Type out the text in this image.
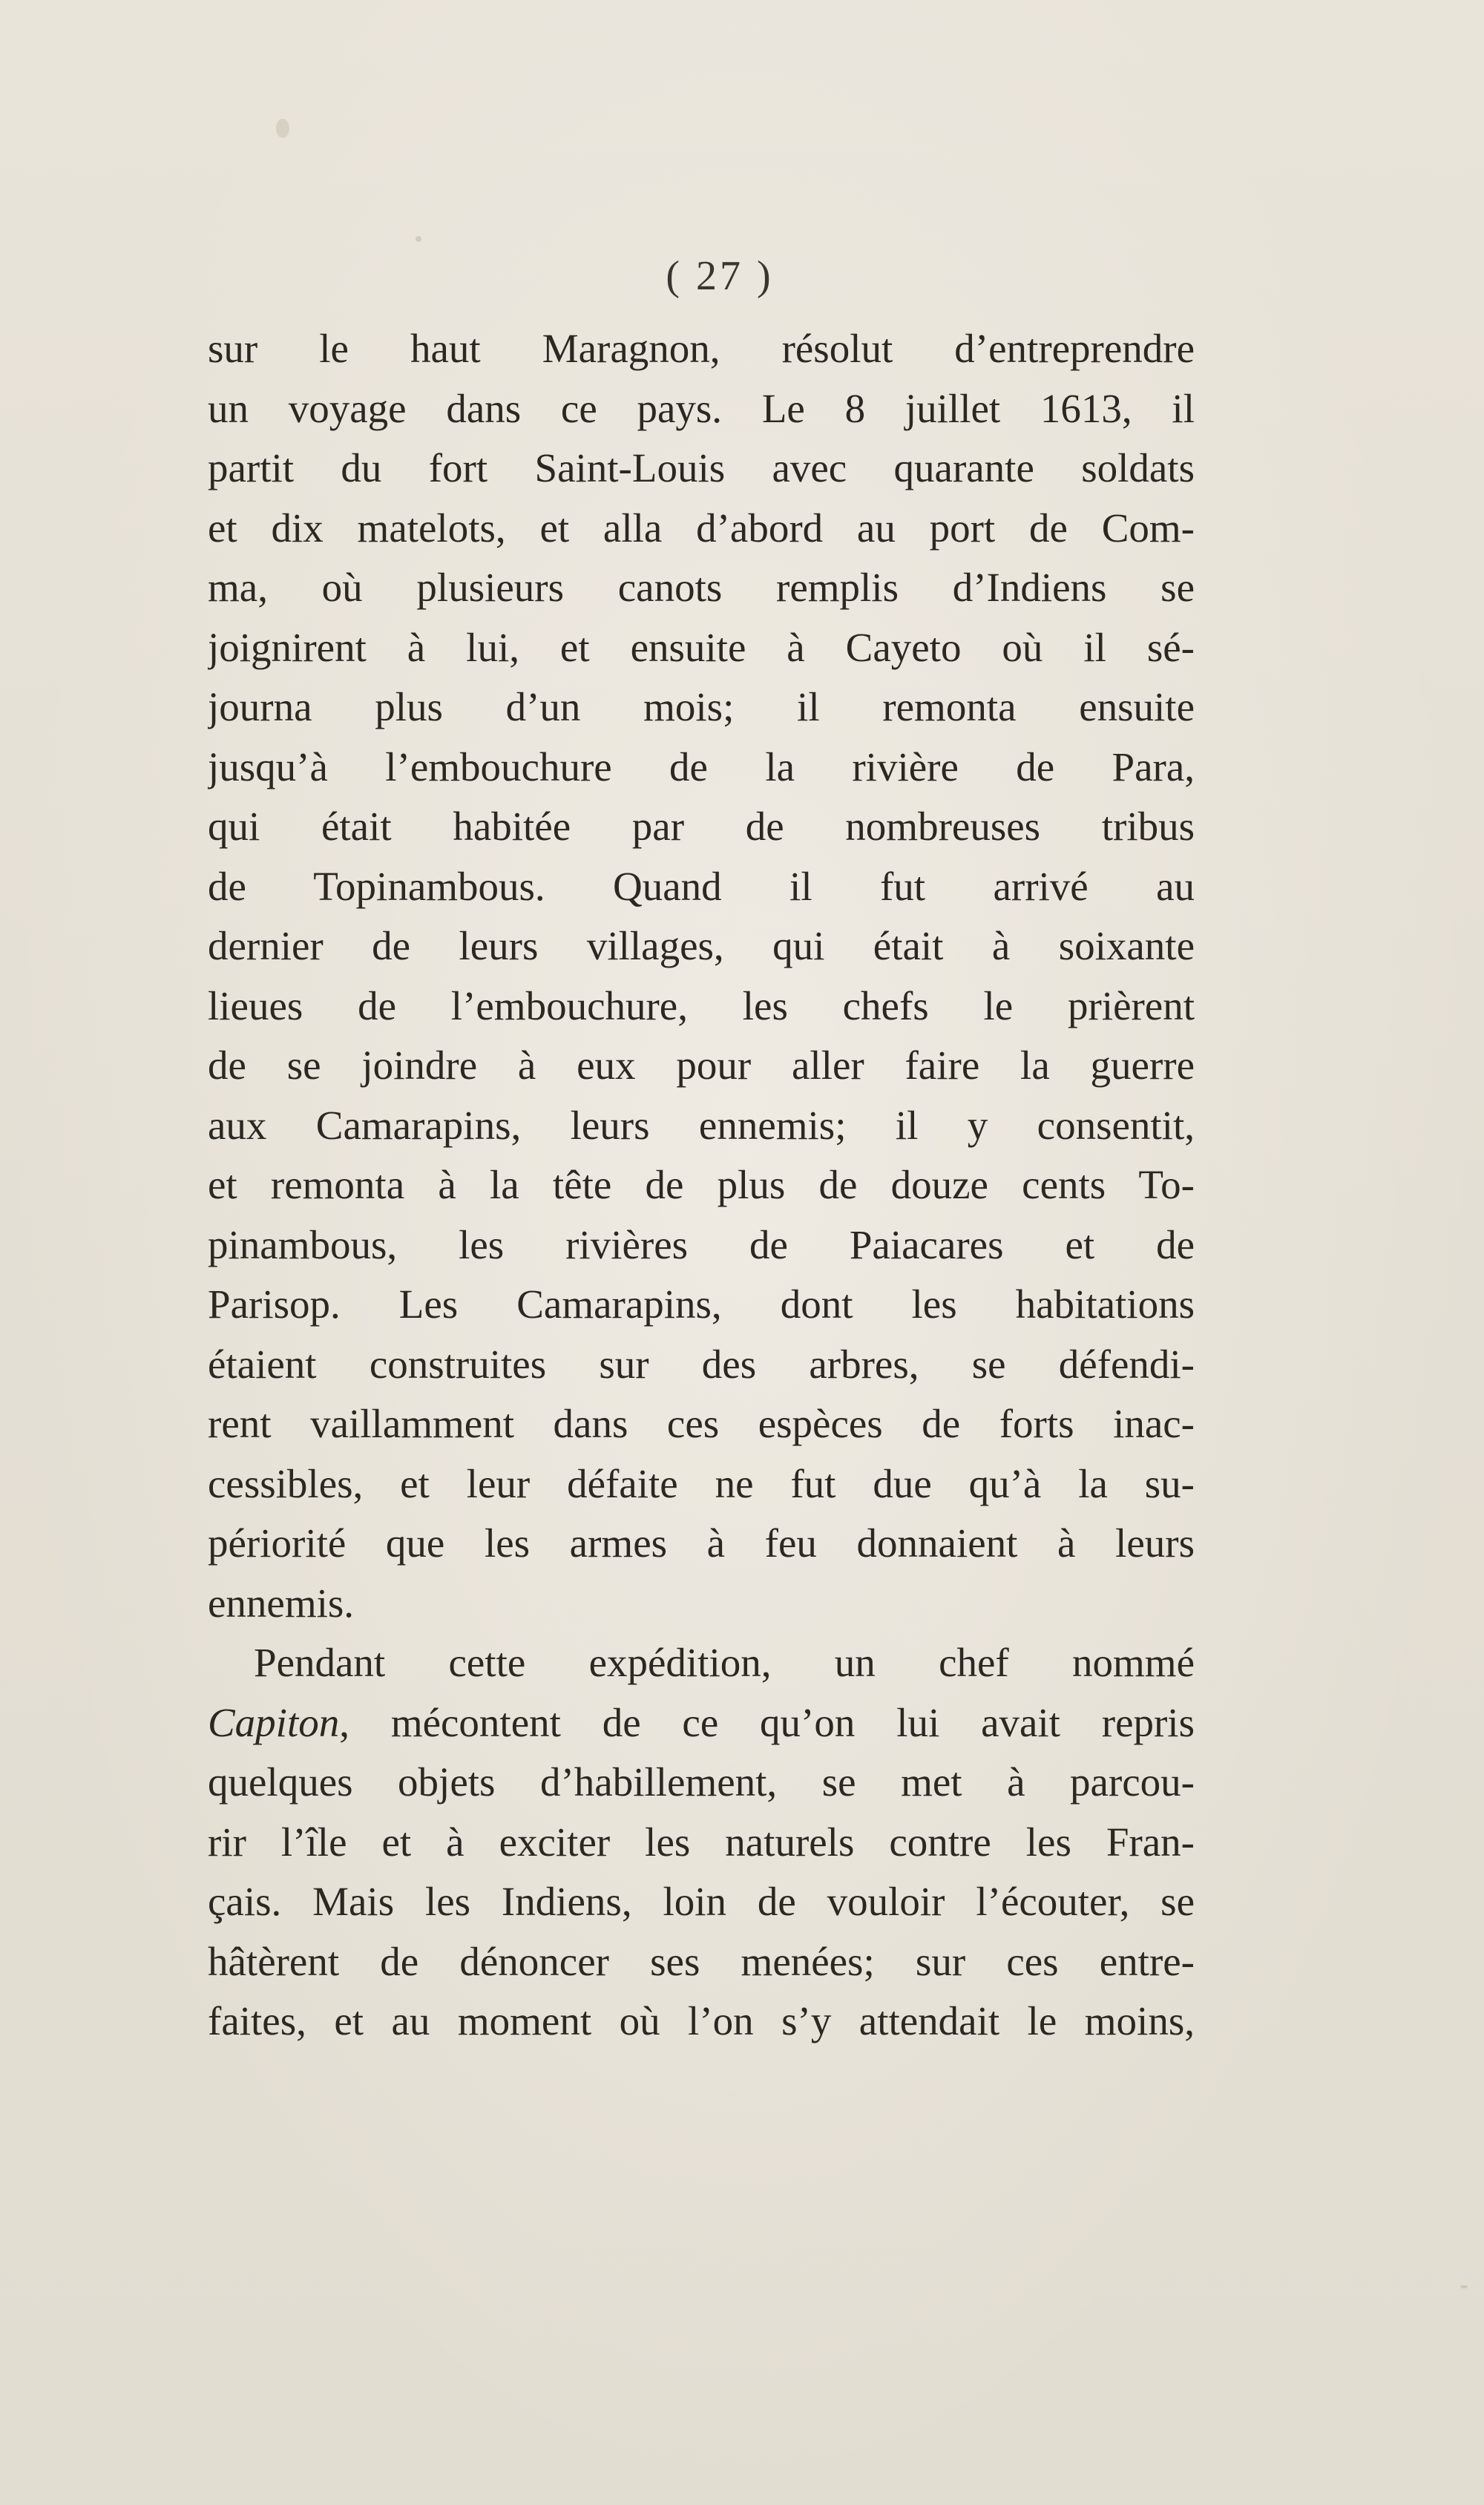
( 27 )
sur le haut Maragnon, résolut d’entreprendre
un voyage dans ce pays. Le 8 juillet 1613, il
partit du fort Saint-Louis avec quarante soldats
et dix matelots, et alla d’abord au port de Com-
ma, où plusieurs canots remplis d’Indiens se
joignirent à lui, et ensuite à Cayeto où il sé-
journa plus d’un mois; il remonta ensuite
jusqu’à l’embouchure de la rivière de Para,
qui était habitée par de nombreuses tribus
de Topinambous. Quand il fut arrivé au
dernier de leurs villages, qui était à soixante
lieues de l’embouchure, les chefs le prièrent
de se joindre à eux pour aller faire la guerre
aux Camarapins, leurs ennemis; il y consentit,
et remonta à la tête de plus de douze cents To-
pinambous, les rivières de Paiacares et de
Parisop. Les Camarapins, dont les habitations
étaient construites sur des arbres, se défendi-
rent vaillamment dans ces espèces de forts inac-
cessibles, et leur défaite ne fut due qu’à la su-
périorité que les armes à feu donnaient à leurs
ennemis.
Pendant cette expédition, un chef nommé
Capiton, mécontent de ce qu’on lui avait repris
quelques objets d’habillement, se met à parcou-
rir l’île et à exciter les naturels contre les Fran-
çais. Mais les Indiens, loin de vouloir l’écouter, se
hâtèrent de dénoncer ses menées; sur ces entre-
faites, et au moment où l’on s’y attendait le moins,
